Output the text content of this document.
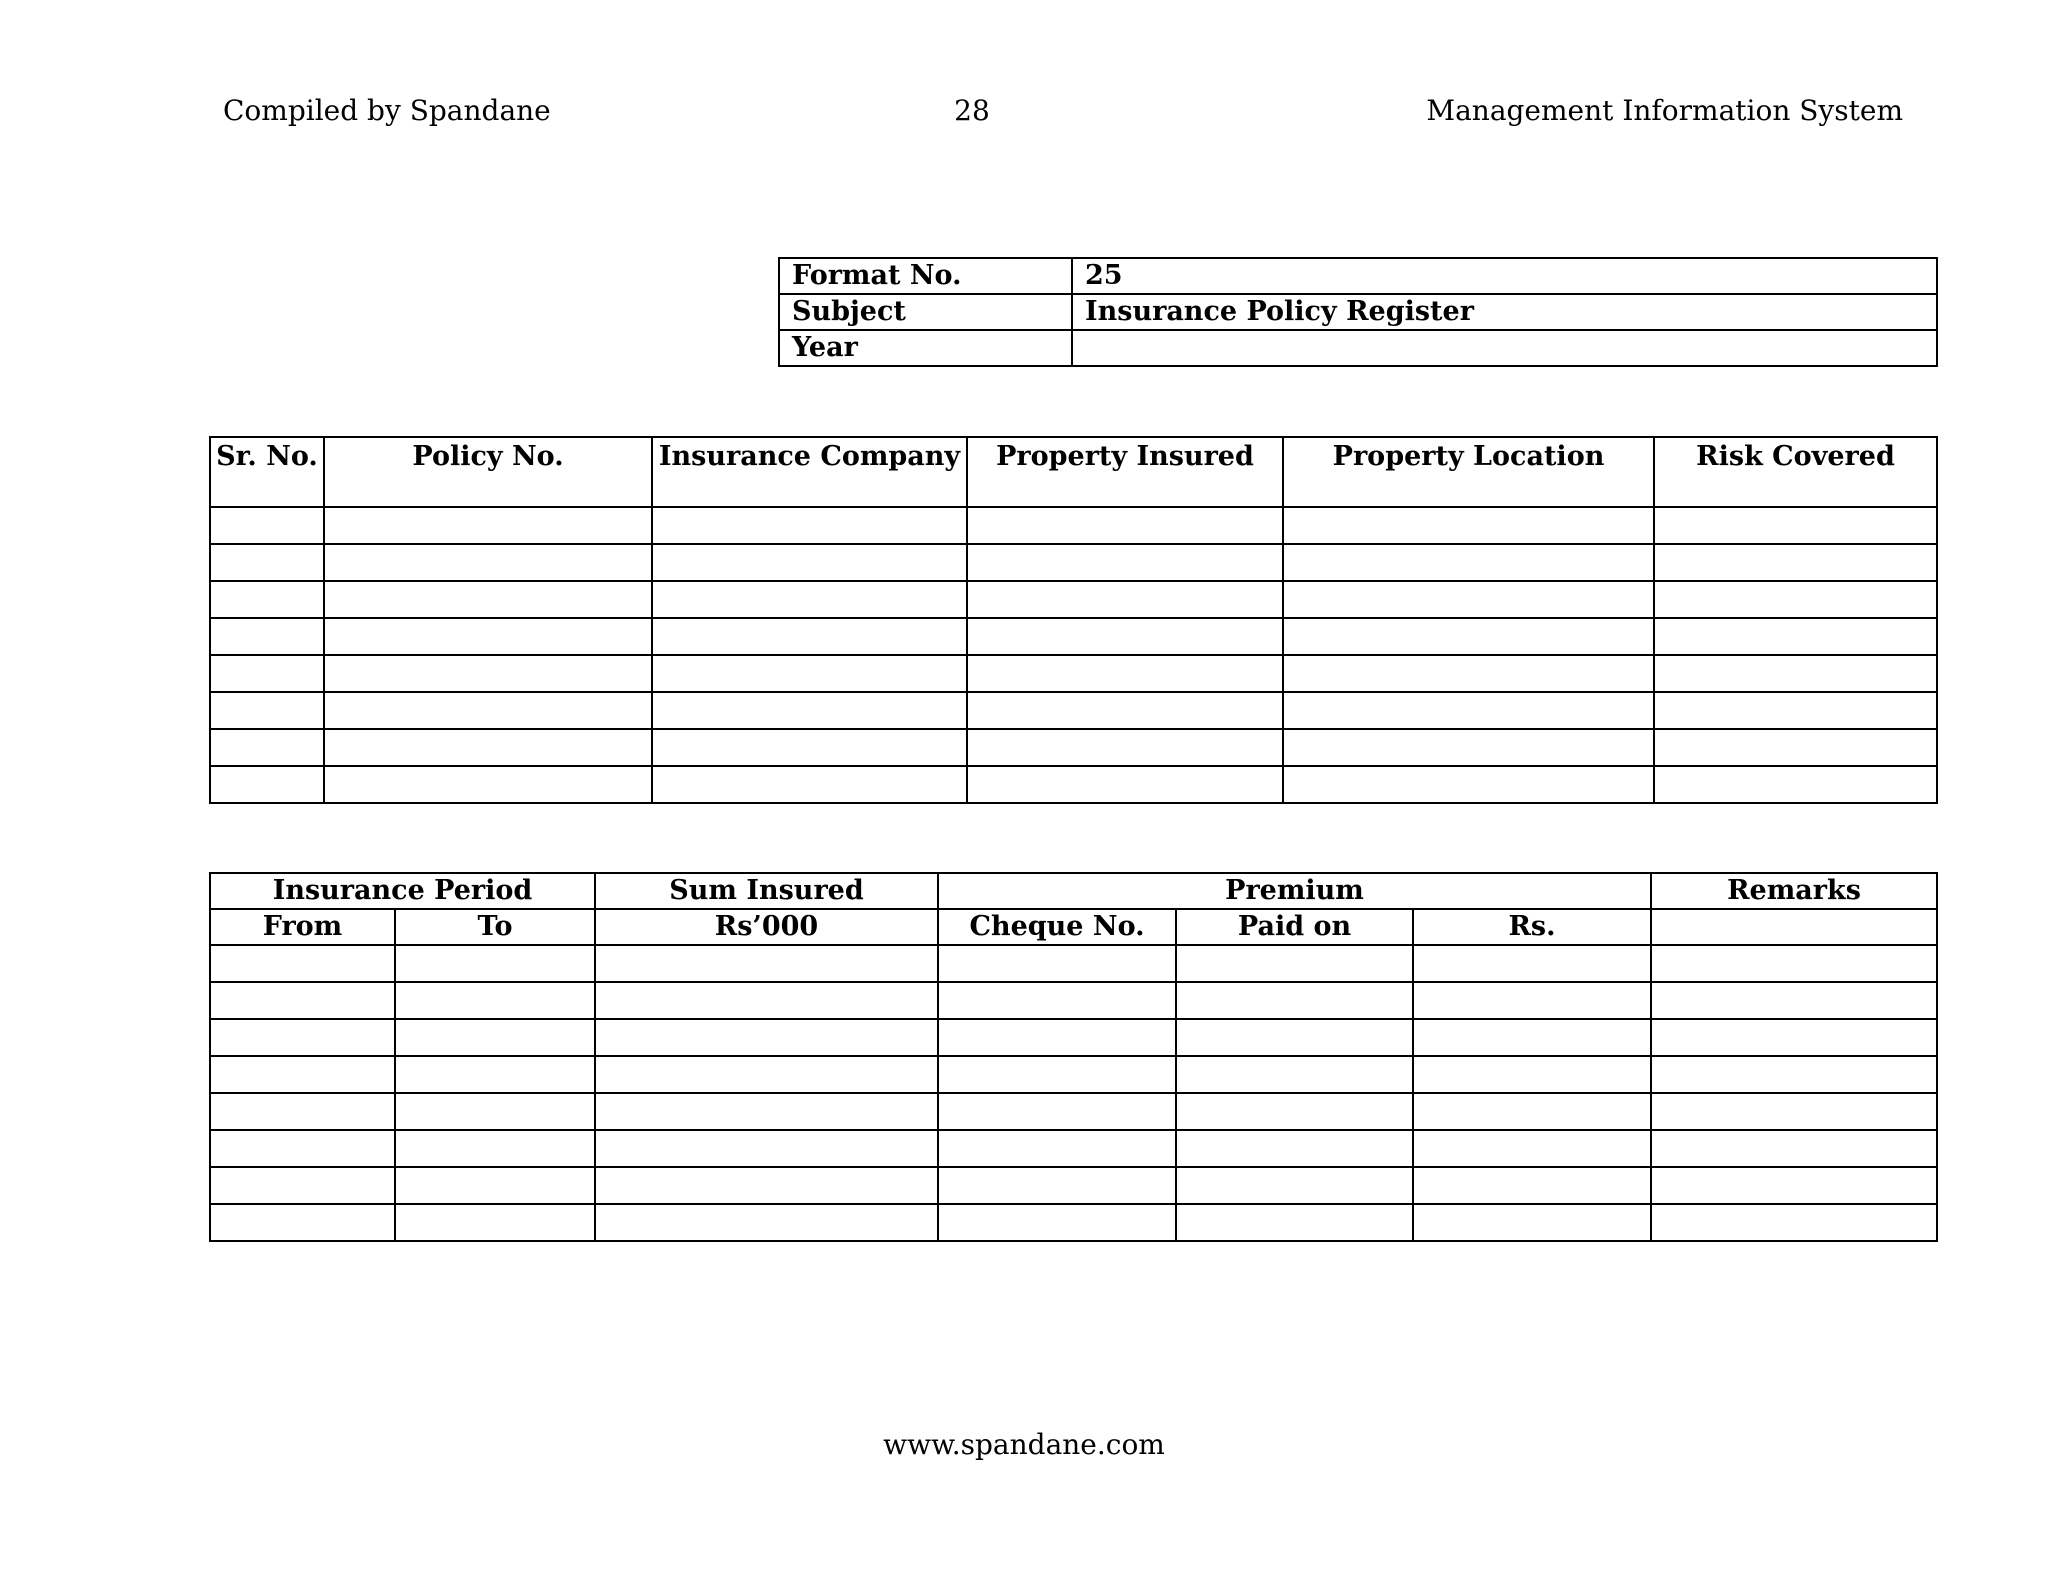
Compiled by Spandane	28	Management Information System
Format No.	25
Subject	Insurance Policy Register
Year	
Sr. No.	Policy No.	Insurance Company	Property Insured	Property Location	Risk Covered

Insurance Period		Sum Insured	Premium			Remarks
From	To	Rs’000	Cheque No.	Paid on	Rs.	

www.spandane.com
